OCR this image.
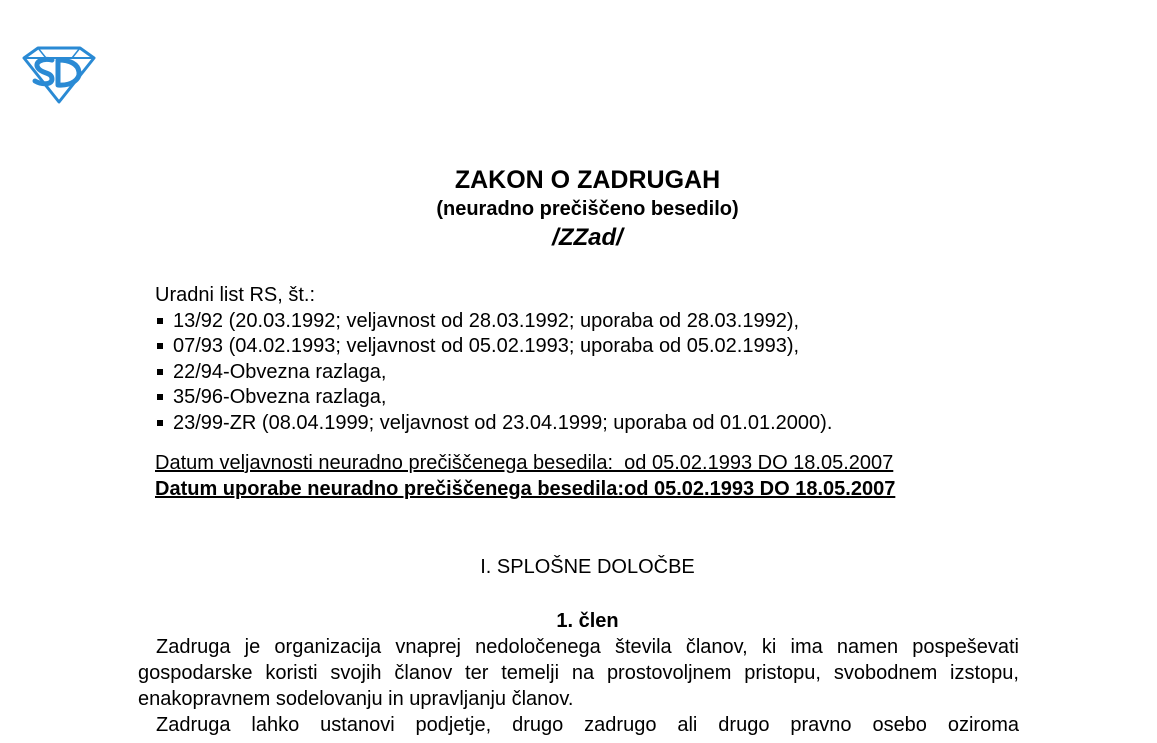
ZAKON O ZADRUGAH
(neuradno prečiščeno besedilo)
/ZZad/
Uradni list RS, št.:
13/92 (20.03.1992; veljavnost od 28.03.1992; uporaba od 28.03.1992),
07/93 (04.02.1993; veljavnost od 05.02.1993; uporaba od 05.02.1993),
22/94-Obvezna razlaga,
35/96-Obvezna razlaga,
23/99-ZR (08.04.1999; veljavnost od 23.04.1999; uporaba od 01.01.2000).
Datum veljavnosti neuradno prečiščenega besedila:  od 05.02.1993 DO 18.05.2007
Datum uporabe neuradno prečiščenega besedila:od 05.02.1993 DO 18.05.2007
I. SPLOŠNE DOLOČBE
1. člen

Zadruga je organizacija vnaprej nedoločenega števila članov, ki ima namen pospeševati gospodarske koristi svojih članov ter temelji na prostovoljnem pristopu, svobodnem izstopu, enakopravnem sodelovanju in upravljanju članov.

Zadruga lahko ustanovi podjetje, drugo zadrugo ali drugo pravno osebo oziroma
